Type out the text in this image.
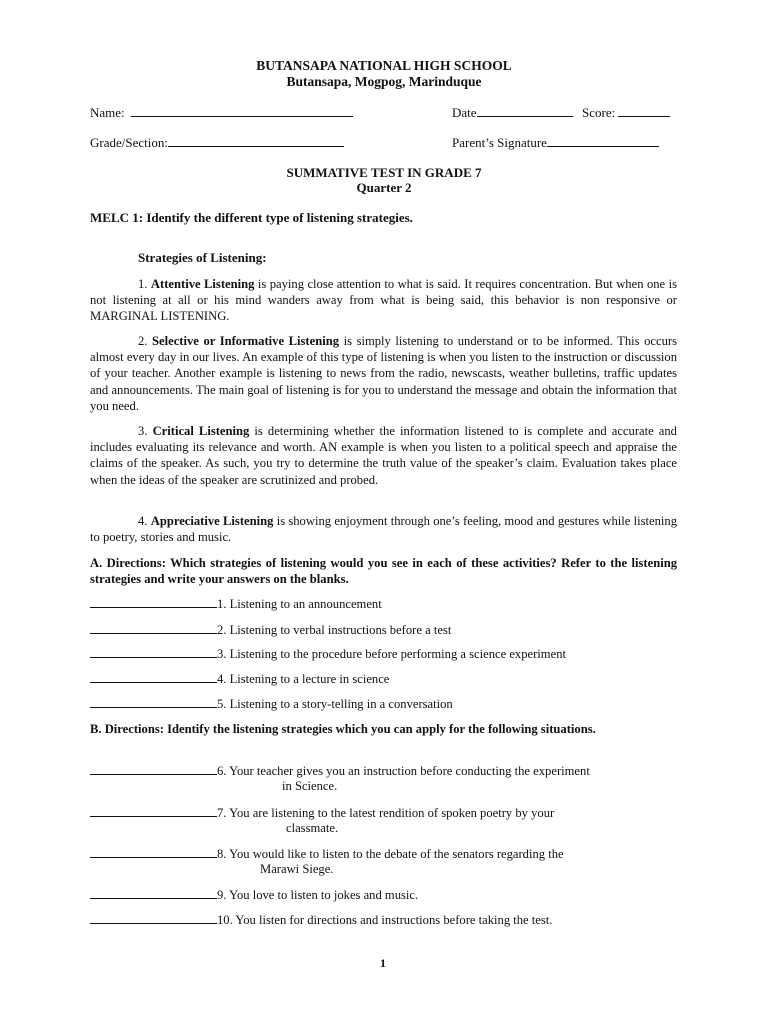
BUTANSAPA NATIONAL HIGH SCHOOL
Butansapa, Mogpog, Marinduque
Name:	Date	Score:
Grade/Section:	Parent’s Signature
SUMMATIVE TEST IN GRADE 7
Quarter 2
MELC 1: Identify the different type of listening strategies.
Strategies of Listening:
1. Attentive Listening is paying close attention to what is said. It requires concentration. But when one is not listening at all or his mind wanders away from what is being said, this behavior is non responsive or MARGINAL LISTENING.
2. Selective or Informative Listening is simply listening to understand or to be informed. This occurs almost every day in our lives. An example of this type of listening is when you listen to the instruction or discussion of your teacher. Another example is listening to news from the radio, newscasts, weather bulletins, traffic updates and announcements. The main goal of listening is for you to understand the message and obtain the information that you need.
3. Critical Listening is determining whether the information listened to is complete and accurate and includes evaluating its relevance and worth. AN example is when you listen to a political speech and appraise the claims of the speaker. As such, you try to determine the truth value of the speaker’s claim. Evaluation takes place when the ideas of the speaker are scrutinized and probed.
4. Appreciative Listening is showing enjoyment through one’s feeling, mood and gestures while listening to poetry, stories and music.
A. Directions: Which strategies of listening would you see in each of these activities? Refer to the listening strategies and write your answers on the blanks.
1. Listening to an announcement
2. Listening to verbal instructions before a test
3. Listening to the procedure before performing a science experiment
4. Listening to a lecture in science
5. Listening to a story-telling in a conversation
B. Directions: Identify the listening strategies which you can apply for the following situations.
6. Your teacher gives you an instruction before conducting the experiment
in Science.
7. You are listening to the latest rendition of spoken poetry by your
classmate.
8. You would like to listen to the debate of the senators regarding the
Marawi Siege.
9. You love to listen to jokes and music.
10. You listen for directions and instructions before taking the test.
1
